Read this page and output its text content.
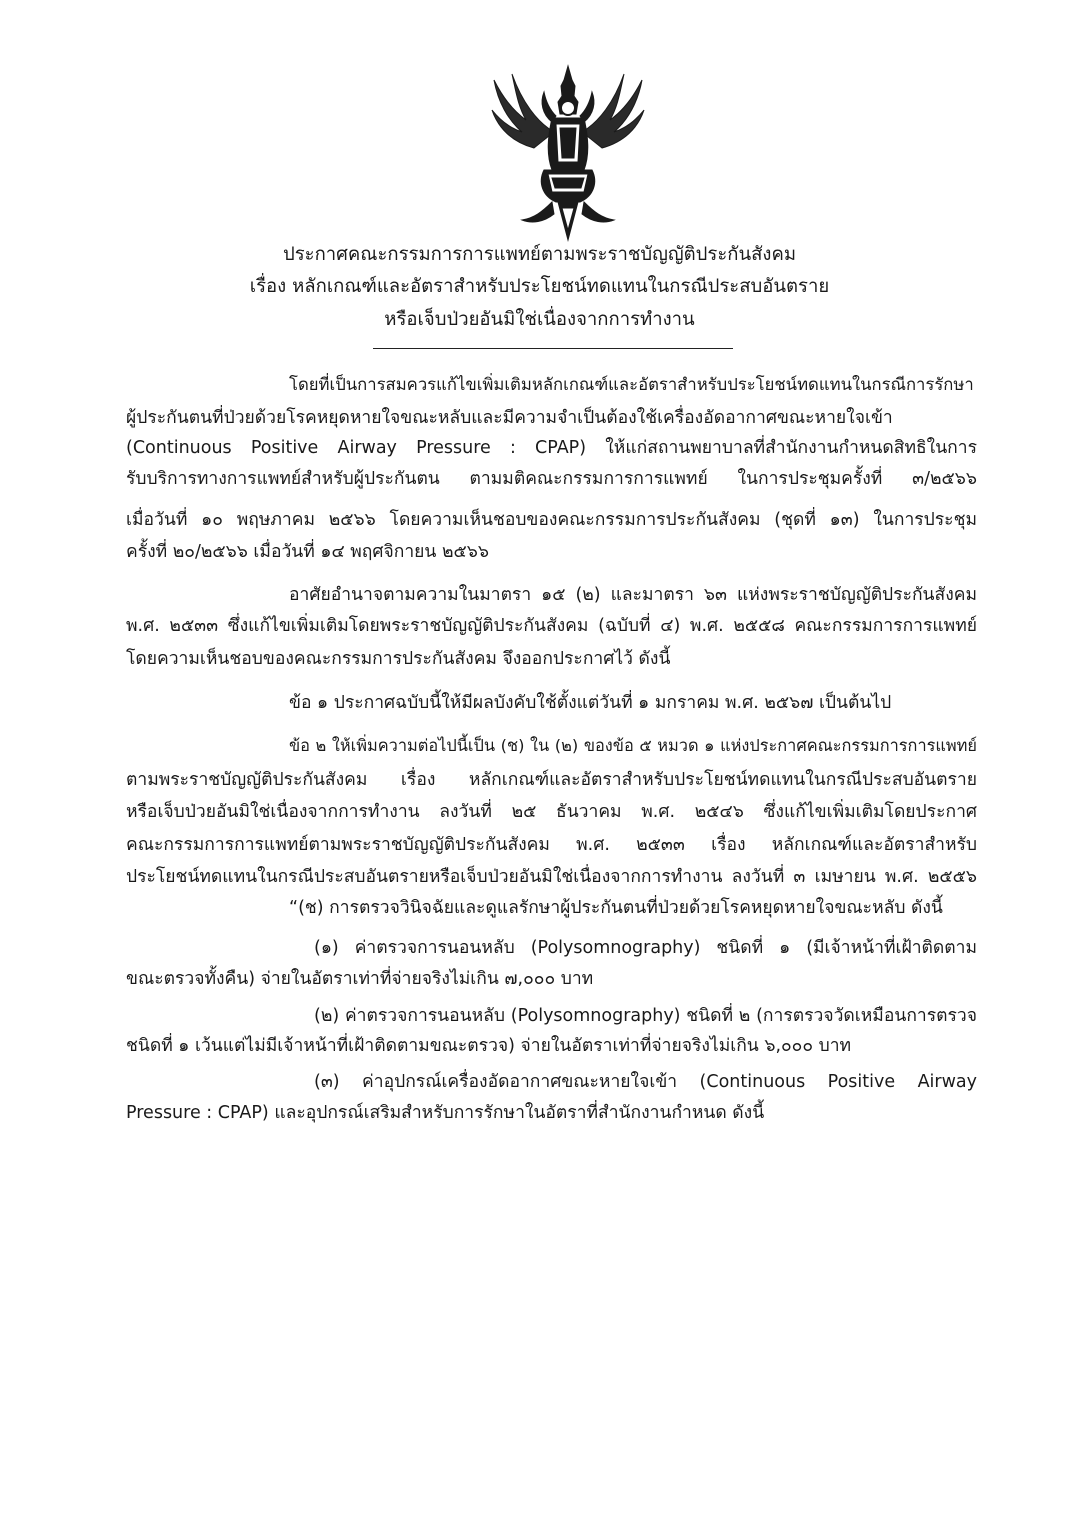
ประกาศคณะกรรมการการแพทย์ตามพระราชบัญญัติประกันสังคม
เรื่อง หลักเกณฑ์และอัตราสำหรับประโยชน์ทดแทนในกรณีประสบอันตราย
หรือเจ็บป่วยอันมิใช่เนื่องจากการทำงาน
โดยที่เป็นการสมควรแก้ไขเพิ่มเติมหลักเกณฑ์และอัตราสำหรับประโยชน์ทดแทนในกรณีการรักษา
ผู้ประกันตนที่ป่วยด้วยโรคหยุดหายใจขณะหลับและมีความจำเป็นต้องใช้เครื่องอัดอากาศขณะหายใจเข้า
(Continuous Positive Airway Pressure : CPAP) ให้แก่สถานพยาบาลที่สำนักงานกำหนดสิทธิในการ
รับบริการทางการแพทย์สำหรับผู้ประกันตน ตามมติคณะกรรมการการแพทย์ ในการประชุมครั้งที่ ๓/๒๕๖๖
เมื่อวันที่ ๑๐ พฤษภาคม ๒๕๖๖ โดยความเห็นชอบของคณะกรรมการประกันสังคม (ชุดที่ ๑๓) ในการประชุม
ครั้งที่ ๒๐/๒๕๖๖ เมื่อวันที่ ๑๔ พฤศจิกายน ๒๕๖๖
อาศัยอำนาจตามความในมาตรา ๑๕ (๒) และมาตรา ๖๓ แห่งพระราชบัญญัติประกันสังคม
พ.ศ. ๒๕๓๓ ซึ่งแก้ไขเพิ่มเติมโดยพระราชบัญญัติประกันสังคม (ฉบับที่ ๔) พ.ศ. ๒๕๕๘ คณะกรรมการการแพทย์
โดยความเห็นชอบของคณะกรรมการประกันสังคม จึงออกประกาศไว้ ดังนี้
ข้อ ๑ ประกาศฉบับนี้ให้มีผลบังคับใช้ตั้งแต่วันที่ ๑ มกราคม พ.ศ. ๒๕๖๗ เป็นต้นไป
ข้อ ๒ ให้เพิ่มความต่อไปนี้เป็น (ช) ใน (๒) ของข้อ ๕ หมวด ๑ แห่งประกาศคณะกรรมการการแพทย์
ตามพระราชบัญญัติประกันสังคม เรื่อง หลักเกณฑ์และอัตราสำหรับประโยชน์ทดแทนในกรณีประสบอันตราย
หรือเจ็บป่วยอันมิใช่เนื่องจากการทำงาน ลงวันที่ ๒๕ ธันวาคม พ.ศ. ๒๕๔๖ ซึ่งแก้ไขเพิ่มเติมโดยประกาศ
คณะกรรมการการแพทย์ตามพระราชบัญญัติประกันสังคม พ.ศ. ๒๕๓๓ เรื่อง หลักเกณฑ์และอัตราสำหรับ
ประโยชน์ทดแทนในกรณีประสบอันตรายหรือเจ็บป่วยอันมิใช่เนื่องจากการทำงาน ลงวันที่ ๓ เมษายน พ.ศ. ๒๕๕๖
“(ช) การตรวจวินิจฉัยและดูแลรักษาผู้ประกันตนที่ป่วยด้วยโรคหยุดหายใจขณะหลับ ดังนี้
(๑) ค่าตรวจการนอนหลับ (Polysomnography) ชนิดที่ ๑ (มีเจ้าหน้าที่เฝ้าติดตาม
ขณะตรวจทั้งคืน) จ่ายในอัตราเท่าที่จ่ายจริงไม่เกิน ๗,๐๐๐ บาท
(๒) ค่าตรวจการนอนหลับ (Polysomnography) ชนิดที่ ๒ (การตรวจวัดเหมือนการตรวจ
ชนิดที่ ๑ เว้นแต่ไม่มีเจ้าหน้าที่เฝ้าติดตามขณะตรวจ) จ่ายในอัตราเท่าที่จ่ายจริงไม่เกิน ๖,๐๐๐ บาท
(๓) ค่าอุปกรณ์เครื่องอัดอากาศขณะหายใจเข้า (Continuous Positive Airway
Pressure : CPAP) และอุปกรณ์เสริมสำหรับการรักษาในอัตราที่สำนักงานกำหนด ดังนี้
